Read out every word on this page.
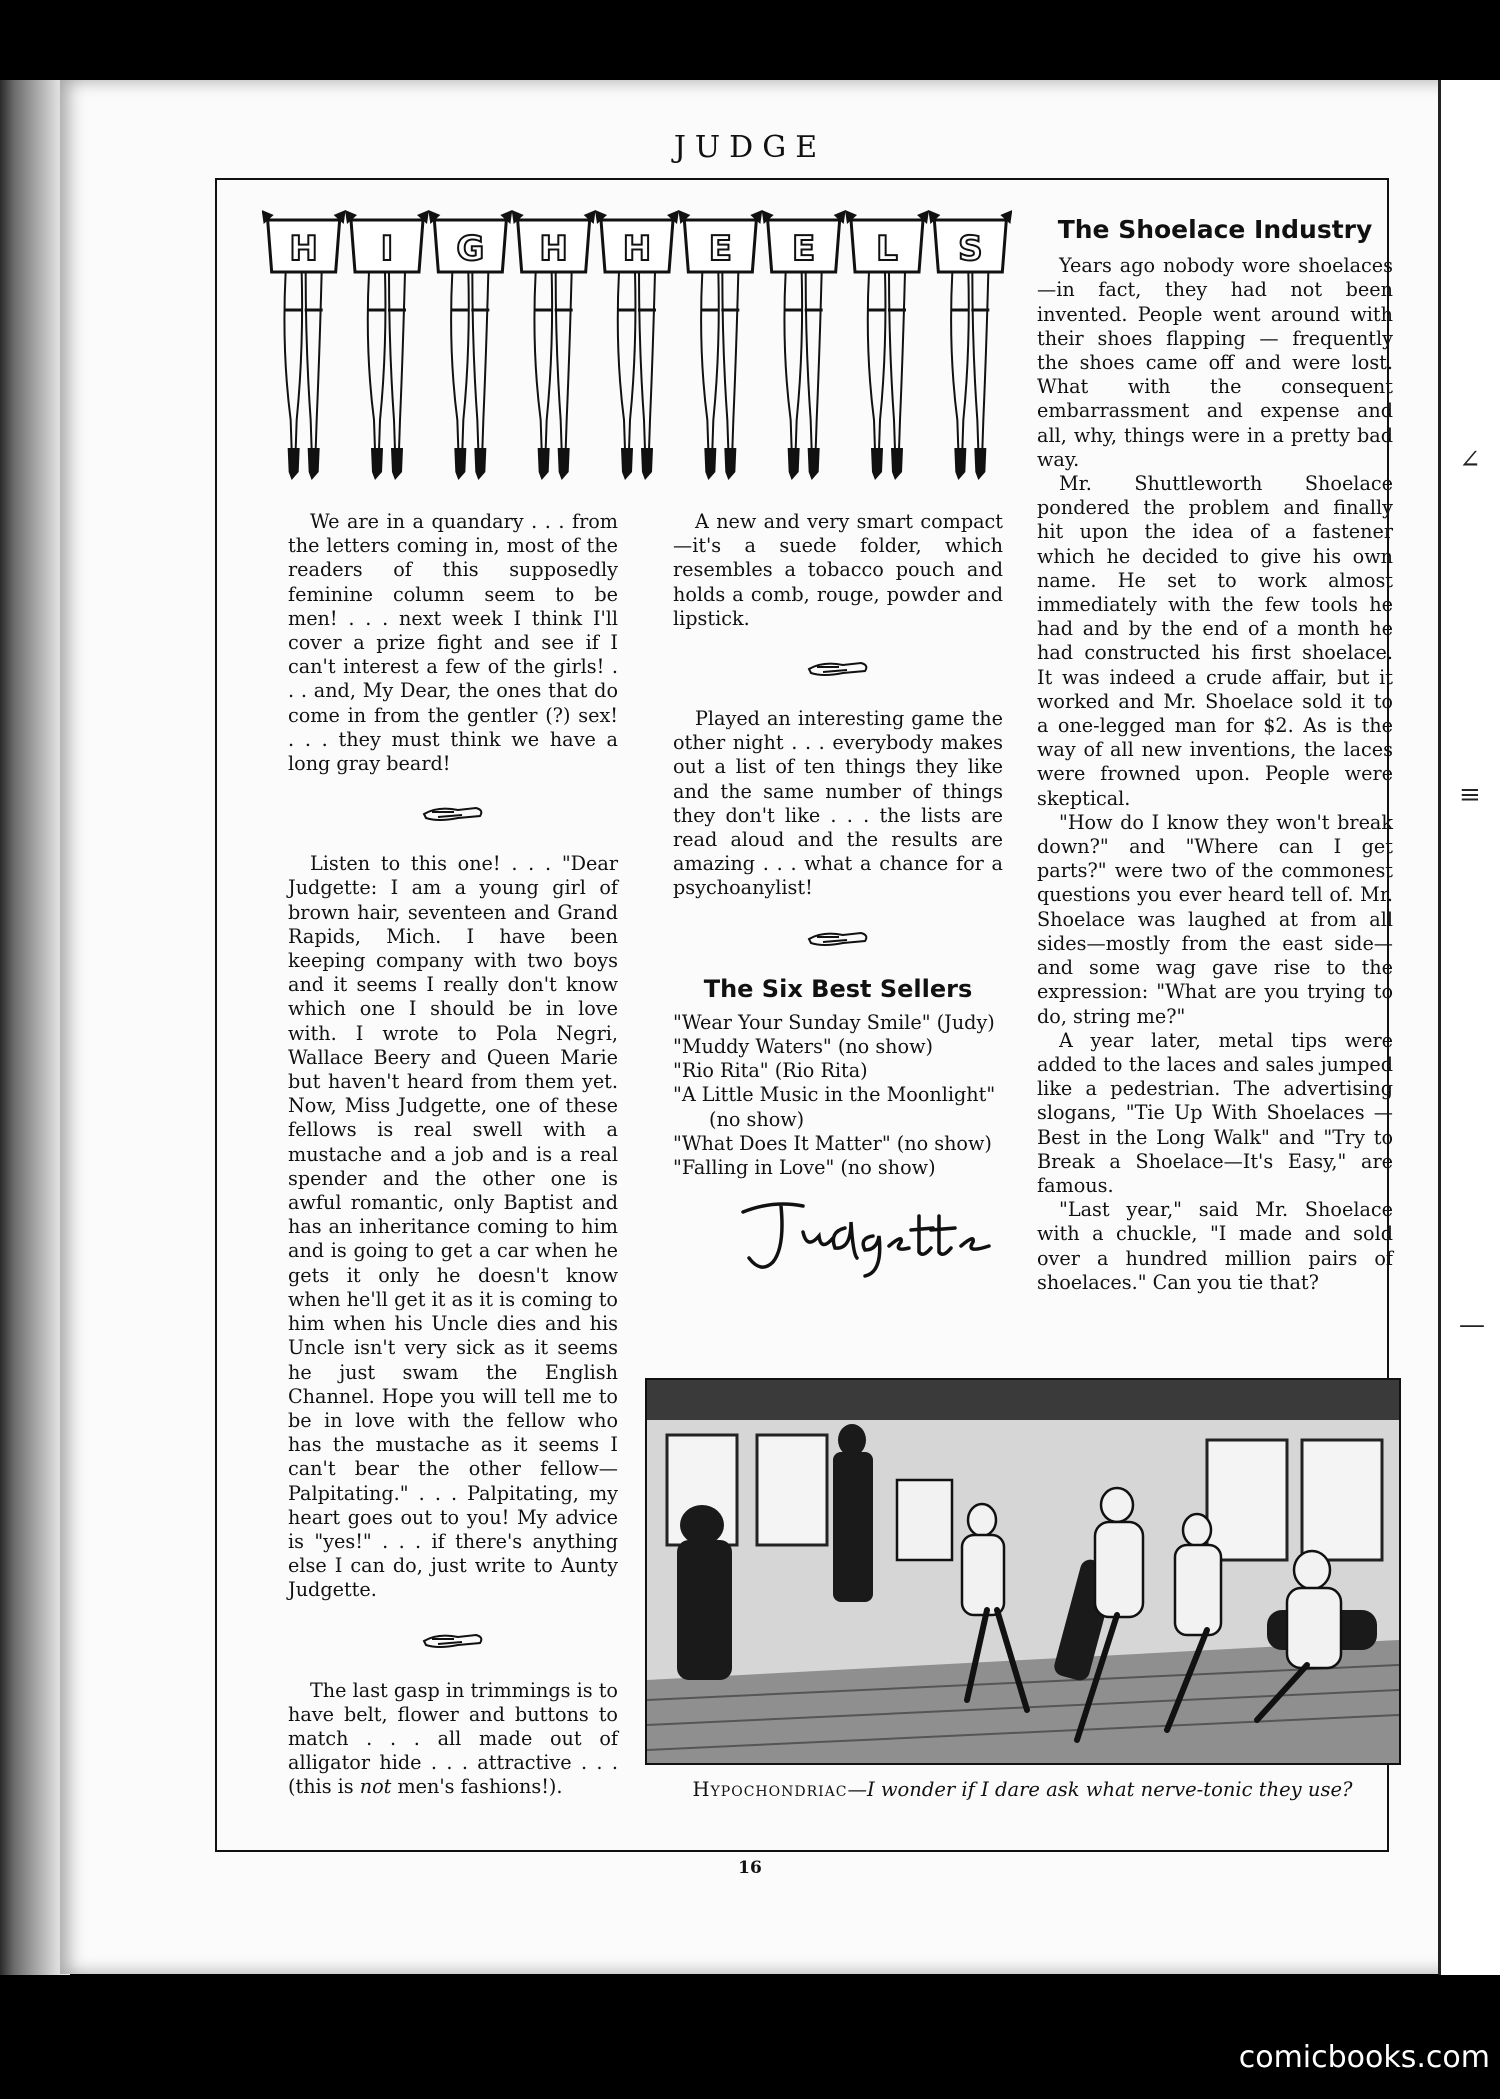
∠
≡
—
JUDGE
H I G H H E E L S

We are in a quandary . . . from the letters coming in, most of the readers of this supposedly feminine column seem to be men! . . . next week I think I'll cover a prize fight and see if I can't interest a few of the girls! . . . and, My Dear, the ones that do come in from the gentler (?) sex! . . . they must think we have a long gray beard!

Listen to this one! . . . "Dear Judgette: I am a young girl of brown hair, seventeen and Grand Rapids, Mich. I have been keeping company with two boys and it seems I really don't know which one I should be in love with. I wrote to Pola Negri, Wallace Beery and Queen Marie but haven't heard from them yet. Now, Miss Judgette, one of these fellows is real swell with a mustache and a job and is a real spender and the other one is awful romantic, only Baptist and has an inheritance coming to him and is going to get a car when he gets it only he doesn't know when he'll get it as it is coming to him when his Uncle dies and his Uncle isn't very sick as it seems he just swam the English Channel. Hope you will tell me to be in love with the fellow who has the mustache as it seems I can't bear the other fellow—Palpitating." . . . Palpitating, my heart goes out to you! My advice is "yes!" . . . if there's anything else I can do, just write to Aunty Judgette.

The last gasp in trimmings is to have belt, flower and buttons to match . . . all made out of alligator hide . . . attractive . . . (this is not men's fashions!).

A new and very smart compact —it's a suede folder, which resembles a tobacco pouch and holds a comb, rouge, powder and lipstick.

Played an interesting game the other night . . . everybody makes out a list of ten things they like and the same number of things they don't like . . . the lists are read aloud and the results are amazing . . . what a chance for a psychoanylist!

The Six Best Sellers
"Wear Your Sunday Smile" (Judy)
"Muddy Waters" (no show)
"Rio Rita" (Rio Rita)
"A Little Music in the Moonlight" (no show)
"What Does It Matter" (no show)
"Falling in Love" (no show)
The Shoelace Industry

Years ago nobody wore shoelaces—in fact, they had not been invented. People went around with their shoes flapping — frequently the shoes came off and were lost. What with the consequent embarrassment and expense and all, why, things were in a pretty bad way.

Mr. Shuttleworth Shoelace pondered the problem and finally hit upon the idea of a fastener which he decided to give his own name. He set to work almost immediately with the few tools he had and by the end of a month he had constructed his first shoelace. It was indeed a crude affair, but it worked and Mr. Shoelace sold it to a one-legged man for $2. As is the way of all new inventions, the laces were frowned upon. People were skeptical.

"How do I know they won't break down?" and "Where can I get parts?" were two of the commonest questions you ever heard tell of. Mr. Shoelace was laughed at from all sides—mostly from the east side—and some wag gave rise to the expression: "What are you trying to do, string me?"

A year later, metal tips were added to the laces and sales jumped like a pedestrian. The advertising slogans, "Tie Up With Shoelaces — Best in the Long Walk" and "Try to Break a Shoelace—It's Easy," are famous.

"Last year," said Mr. Shoelace with a chuckle, "I made and sold over a hundred million pairs of shoelaces." Can you tie that?

Hypochondriac—I wonder if I dare ask what nerve-tonic they use?
16
comicbooks.com
